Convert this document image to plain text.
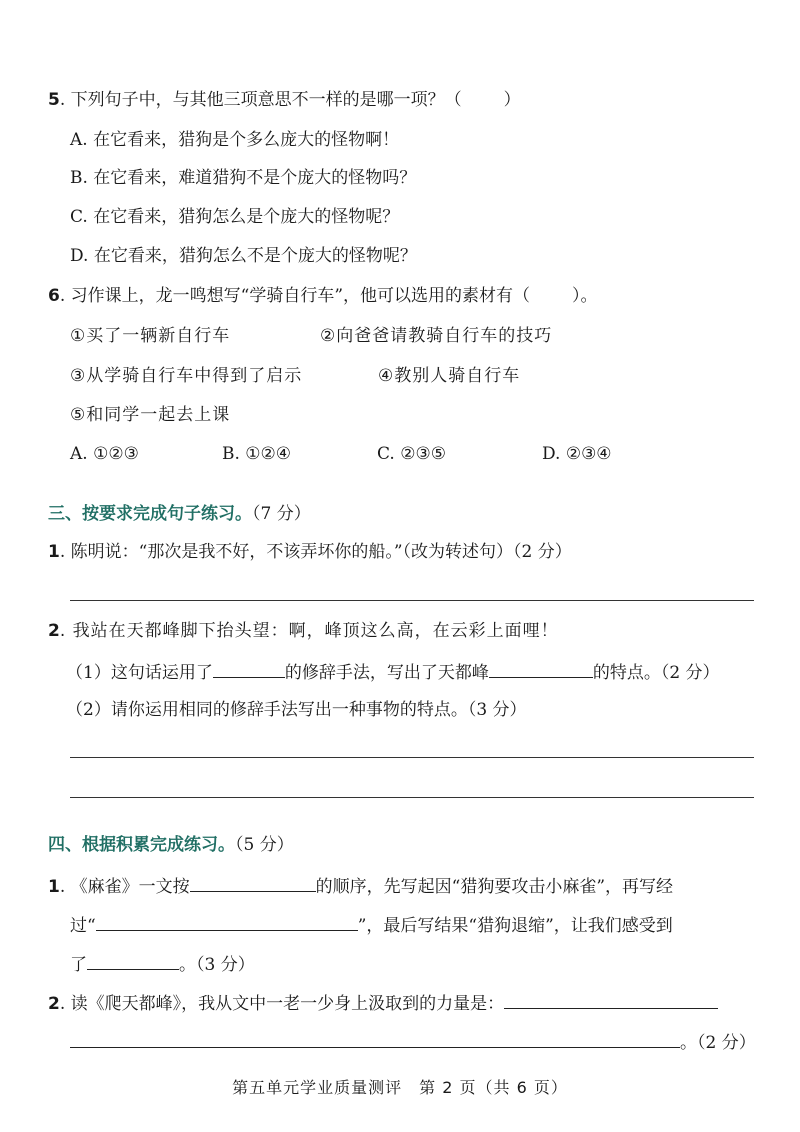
5. 下列句子中，与其他三项意思不一样的是哪一项？（ ）
A. 在它看来，猎狗是个多么庞大的怪物啊！
B. 在它看来，难道猎狗不是个庞大的怪物吗？
C. 在它看来，猎狗怎么是个庞大的怪物呢？
D. 在它看来，猎狗怎么不是个庞大的怪物呢？
6. 习作课上，龙一鸣想写“学骑自行车”，他可以选用的素材有（ ）。
①买了一辆新自行车	②向爸爸请教骑自行车的技巧
③从学骑自行车中得到了启示	④教别人骑自行车
⑤和同学一起去上课
A. ①②③	B. ①②④	C. ②③⑤	D. ②③④
三、按要求完成句子练习。（7 分）
1. 陈明说：“那次是我不好，不该弄坏你的船。”（改为转述句）（2 分）
2. 我站在天都峰脚下抬头望：啊，峰顶这么高，在云彩上面哩！
（1）这句话运用了	的修辞手法，写出了天都峰	的特点。（2 分）
（2）请你运用相同的修辞手法写出一种事物的特点。（3 分）
四、根据积累完成练习。（5 分）
1. 《麻雀》一文按	的顺序，先写起因“猎狗要攻击小麻雀”，再写经
过“	”，最后写结果“猎狗退缩”，让我们感受到
了	。（3 分）
2. 读《爬天都峰》，我从文中一老一少身上汲取到的力量是：
。（2 分）
第五单元学业质量测评　第 2 页（共 6 页）
